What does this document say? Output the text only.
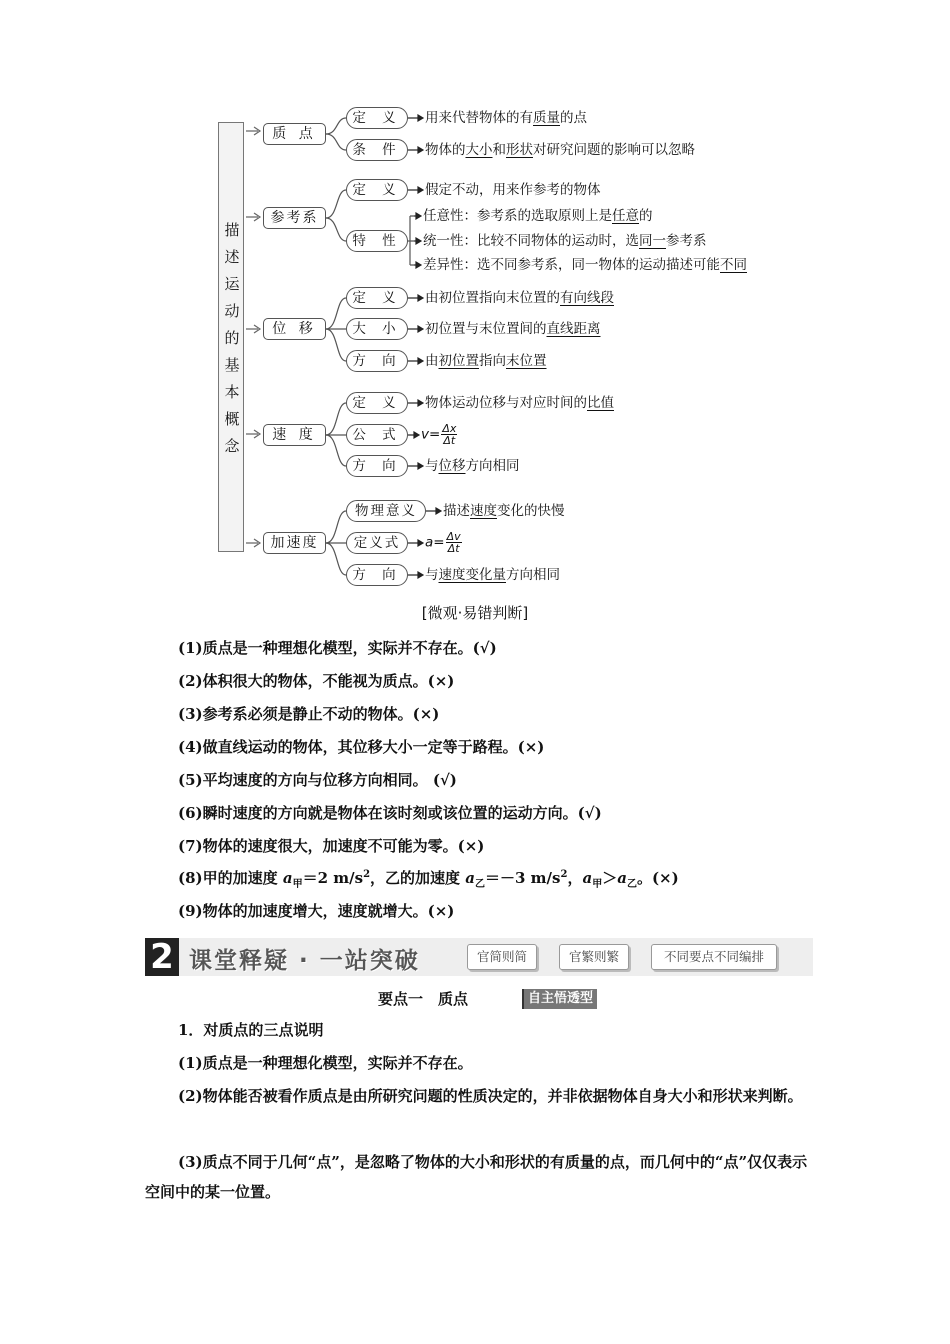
描
述
运
动
的
基
本
概
念
质 点
参考系
位 移
速 度
加速度
定 义
条 件
定 义
特 性
定 义
大 小
方 向
定 义
公 式
方 向
物理意义
定义式
方 向
用来代替物体的有质量的点
物体的大小和形状对研究问题的影响可以忽略
假定不动，用来作参考的物体
任意性：参考系的选取原则上是任意的
统一性：比较不同物体的运动时，选同一参考系
差异性：选不同参考系，同一物体的运动描述可能不同
由初位置指向末位置的有向线段
初位置与末位置间的直线距离
由初位置指向末位置
物体运动位移与对应时间的比值
$v= \frac{\Delta x}{\Delta t}$
与位移方向相同
描述速度变化的快慢
$a= \frac{\Delta v}{\Delta t}$
与速度变化量方向相同
[微观·易错判断]
(1)质点是一种理想化模型，实际并不存在。(√)
(2)体积很大的物体，不能视为质点。(×)
(3)参考系必须是静止不动的物体。(×)
(4)做直线运动的物体，其位移大小一定等于路程。(×)
(5)平均速度的方向与位移方向相同。 (√)
(6)瞬时速度的方向就是物体在该时刻或该位置的运动方向。(√)
(7)物体的速度很大，加速度不可能为零。(×)
(8)甲的加速度 $a_甲=2$ $m/s^2$，乙的加速度 $a_乙=-3$ $m/s^2$，$a_甲>a_乙$。(×)
(9)物体的加速度增大，速度就增大。(×)
2 课堂释疑 · 一站突破	官简则简	官繁则繁	不同要点不同编排
要点一　质点	自主悟透型
1．对质点的三点说明
(1)质点是一种理想化模型，实际并不存在。
(2)物体能否被看作质点是由所研究问题的性质决定的，并非依据物体自身大小和形状来判断。
(3)质点不同于几何“点”，是忽略了物体的大小和形状的有质量的点，而几何中的“点”仅仅表示空间中的某一位置。
